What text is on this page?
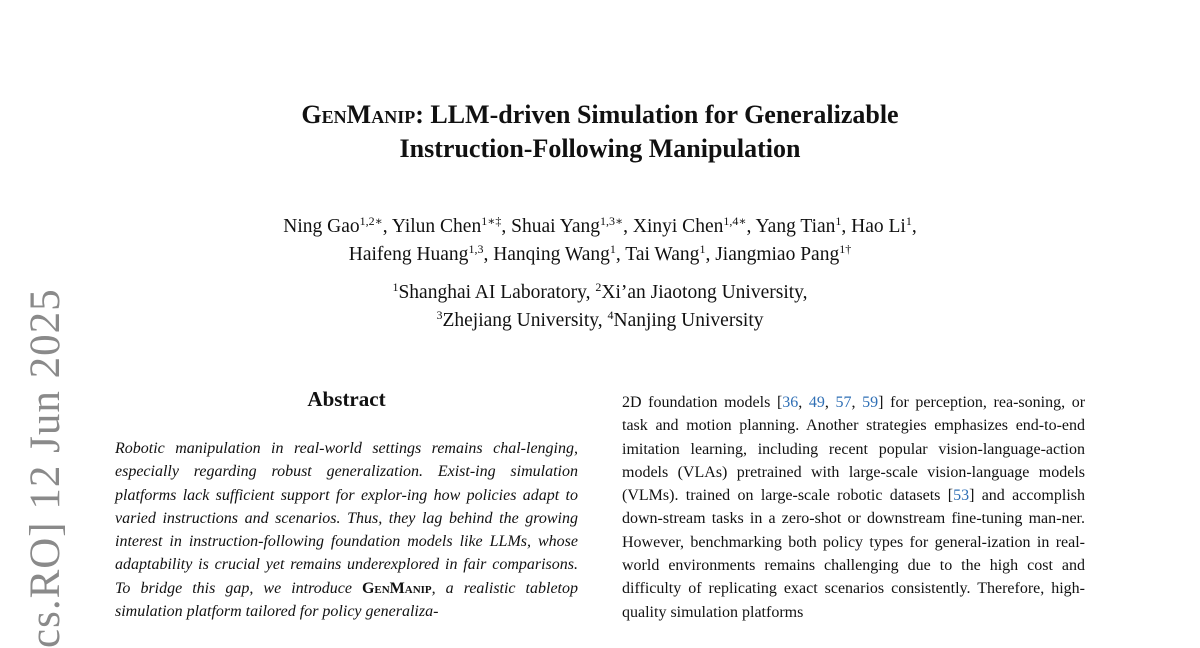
cs.RO] 12 Jun 2025
GenManip: LLM-driven Simulation for Generalizable
Instruction-Following Manipulation
Ning Gao$^{1,2∗}$, Yilun Chen$^{1∗\ddagger}$, Shuai Yang$^{1,3∗}$, Xinyi Chen$^{1,4∗}$, Yang Tian$^1$, Hao Li$^1$,
Haifeng Huang$^{1,3}$, Hanqing Wang$^1$, Tai Wang$^1$, Jiangmiao Pang$^{1\dagger}$
$^1$Shanghai AI Laboratory, $^2$Xi’an Jiaotong University,
$^3$Zhejiang University, $^4$Nanjing University
Abstract
Robotic manipulation in real-world settings remains chal-lenging, especially regarding robust generalization. Exist-ing simulation platforms lack sufficient support for explor-ing how policies adapt to varied instructions and scenarios. Thus, they lag behind the growing interest in instruction-following foundation models like LLMs, whose adaptability is crucial yet remains underexplored in fair comparisons. To bridge this gap, we introduce GenManip, a realistic tabletop simulation platform tailored for policy generaliza-
2D foundation models [36, 49, 57, 59] for perception, rea-soning, or task and motion planning. Another strategies emphasizes end-to-end imitation learning, including recent popular vision-language-action models (VLAs) pretrained with large-scale vision-language models (VLMs). trained on large-scale robotic datasets [53] and accomplish down-stream tasks in a zero-shot or downstream fine-tuning man-ner. However, benchmarking both policy types for general-ization in real-world environments remains challenging due to the high cost and difficulty of replicating exact scenarios consistently. Therefore, high-quality simulation platforms
